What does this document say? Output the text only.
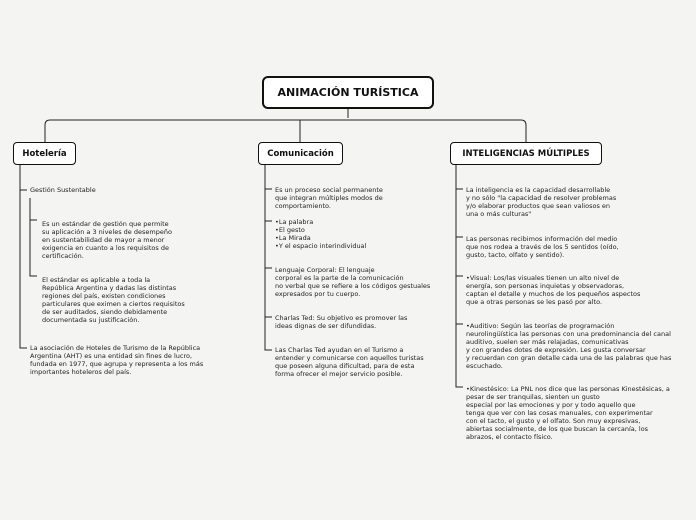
ANIMACIÓN TURÍSTICA
Hotelería	Comunicación	INTELIGENCIAS MÚLTIPLES
Gestión Sustentable
Es un estándar de gestión que permite
su aplicación a 3 niveles de desempeño
en sustentabilidad de mayor a menor
exigencia en cuanto a los requisitos de
certificación.
El estándar es aplicable a toda la
República Argentina y dadas las distintas
regiones del país, existen condiciones
particulares que eximen a ciertos requisitos
de ser auditados, siendo debidamente
documentada su justificación.
La asociación de Hoteles de Turismo de la República
Argentina (AHT) es una entidad sin fines de lucro,
fundada en 1977, que agrupa y representa a los más
importantes hoteleros del país.
Es un proceso social permanente
que integran múltiples modos de
comportamiento.
•La palabra
•El gesto
•La Mirada
•Y el espacio interindividual
Lenguaje Corporal: El lenguaje
corporal es la parte de la comunicación
no verbal que se refiere a los códigos gestuales
expresados por tu cuerpo.
Charlas Ted: Su objetivo es promover las
ideas dignas de ser difundidas.
Las Charlas Ted ayudan en el Turismo a
entender y comunicarse con aquellos turistas
que poseen alguna dificultad, para de esta
forma ofrecer el mejor servicio posible.
La inteligencia es la capacidad desarrollable
y no sólo "la capacidad de resolver problemas
y/o elaborar productos que sean valiosos en
una o más culturas"
Las personas recibimos información del medio
que nos rodea a través de los 5 sentidos (oído,
gusto, tacto, olfato y sentido).
•Visual: Los/las visuales tienen un alto nivel de
energía, son personas inquietas y observadoras,
captan el detalle y muchos de los pequeños aspectos
que a otras personas se les pasó por alto.
•Auditivo: Según las teorías de programación
neurolingüística las personas con una predominancia del canal
auditivo, suelen ser más relajadas, comunicativas
y con grandes dotes de expresión. Les gusta conversar
y recuerdan con gran detalle cada una de las palabras que has
escuchado.
•Kinestésico: La PNL nos dice que las personas Kinestésicas, a
pesar de ser tranquilas, sienten un gusto
especial por las emociones y por y todo aquello que
tenga que ver con las cosas manuales, con experimentar
con el tacto, el gusto y el olfato. Son muy expresivas,
abiertas socialmente, de los que buscan la cercanía, los
abrazos, el contacto físico.
